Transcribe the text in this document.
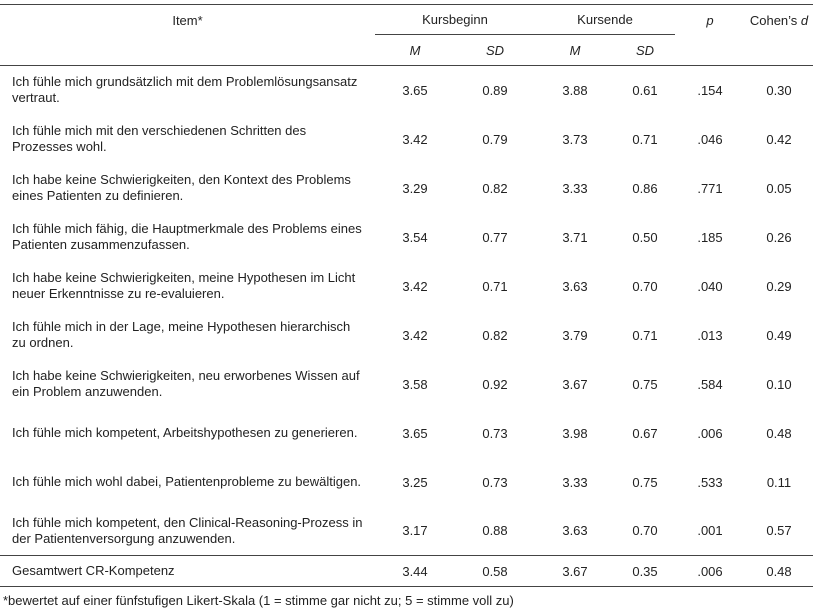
Item*	Kursbeginn		Kursende		p	Cohen’s d
	M	SD	M	SD		
Ich fühle mich grundsätzlich mit dem Problemlösungsansatz vertraut.	3.65	0.89	3.88	0.61	.154	0.30
Ich fühle mich mit den verschiedenen Schritten des Prozesses wohl.	3.42	0.79	3.73	0.71	.046	0.42
Ich habe keine Schwierigkeiten, den Kontext des Problems eines Patienten zu definieren.	3.29	0.82	3.33	0.86	.771	0.05
Ich fühle mich fähig, die Hauptmerkmale des Problems eines Patienten zusammenzufassen.	3.54	0.77	3.71	0.50	.185	0.26
Ich habe keine Schwierigkeiten, meine Hypothesen im Licht neuer Erkenntnisse zu re-evaluieren.	3.42	0.71	3.63	0.70	.040	0.29
Ich fühle mich in der Lage, meine Hypothesen hierarchisch zu ordnen.	3.42	0.82	3.79	0.71	.013	0.49
Ich habe keine Schwierigkeiten, neu erworbenes Wissen auf ein Problem anzuwenden.	3.58	0.92	3.67	0.75	.584	0.10
Ich fühle mich kompetent, Arbeitshypothesen zu generieren.	3.65	0.73	3.98	0.67	.006	0.48
Ich fühle mich wohl dabei, Patientenprobleme zu bewältigen.	3.25	0.73	3.33	0.75	.533	0.11
Ich fühle mich kompetent, den Clinical-Reasoning-Prozess in der Patientenversorgung anzuwenden.	3.17	0.88	3.63	0.70	.001	0.57
Gesamtwert CR-Kompetenz	3.44	0.58	3.67	0.35	.006	0.48
*bewertet auf einer fünfstufigen Likert-Skala (1 = stimme gar nicht zu; 5 = stimme voll zu)
